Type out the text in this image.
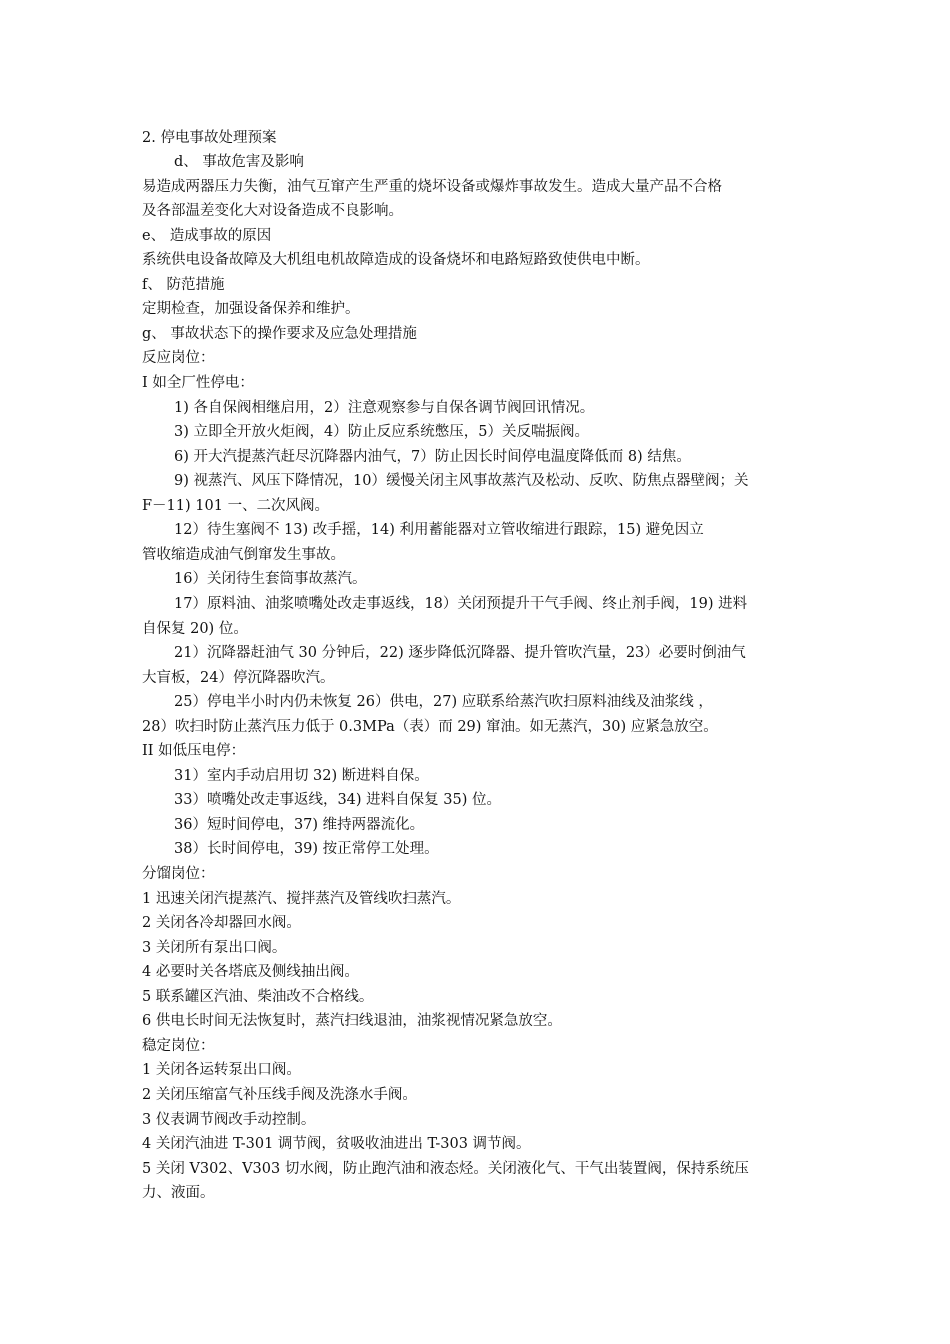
2. 停电事故处理预案
d、 事故危害及影响
易造成两器压力失衡，油气互窜产生严重的烧坏设备或爆炸事故发生。造成大量产品不合格
及各部温差变化大对设备造成不良影响。
e、 造成事故的原因
系统供电设备故障及大机组电机故障造成的设备烧坏和电路短路致使供电中断。
f、 防范措施
定期检查，加强设备保养和维护。
g、 事故状态下的操作要求及应急处理措施
反应岗位：
I 如全厂性停电：
1) 各自保阀相继启用，2）注意观察参与自保各调节阀回讯情况。
3) 立即全开放火炬阀，4）防止反应系统憋压，5）关反喘振阀。
6) 开大汽提蒸汽赶尽沉降器内油气，7）防止因长时间停电温度降低而 8) 结焦。
9) 视蒸汽、风压下降情况，10）缓慢关闭主风事故蒸汽及松动、反吹、防焦点器壁阀；关
F－11) 101 一、二次风阀。
12）待生塞阀不 13) 改手摇，14) 利用蓄能器对立管收缩进行跟踪，15) 避免因立
管收缩造成油气倒窜发生事故。
16）关闭待生套筒事故蒸汽。
17）原料油、油浆喷嘴处改走事返线，18）关闭预提升干气手阀、终止剂手阀，19) 进料
自保复 20) 位。
21）沉降器赶油气 30 分钟后，22) 逐步降低沉降器、提升管吹汽量，23）必要时倒油气
大盲板，24）停沉降器吹汽。
25）停电半小时内仍未恢复 26）供电，27) 应联系给蒸汽吹扫原料油线及油浆线 ，
28）吹扫时防止蒸汽压力低于 0.3MPa（表）而 29) 窜油。如无蒸汽，30) 应紧急放空。
II 如低压电停：
31）室内手动启用切 32) 断进料自保。
33）喷嘴处改走事返线，34) 进料自保复 35) 位。
36）短时间停电，37) 维持两器流化。
38）长时间停电，39) 按正常停工处理。
分馏岗位：
1 迅速关闭汽提蒸汽、搅拌蒸汽及管线吹扫蒸汽。
2 关闭各冷却器回水阀。
3 关闭所有泵出口阀。
4 必要时关各塔底及侧线抽出阀。
5 联系罐区汽油、柴油改不合格线。
6 供电长时间无法恢复时，蒸汽扫线退油，油浆视情况紧急放空。
稳定岗位：
1 关闭各运转泵出口阀。
2 关闭压缩富气补压线手阀及洗涤水手阀。
3 仪表调节阀改手动控制。
4 关闭汽油进 T-301 调节阀，贫吸收油进出 T-303 调节阀。
5 关闭 V302、V303 切水阀，防止跑汽油和液态烃。关闭液化气、干气出装置阀，保持系统压
力、液面。
